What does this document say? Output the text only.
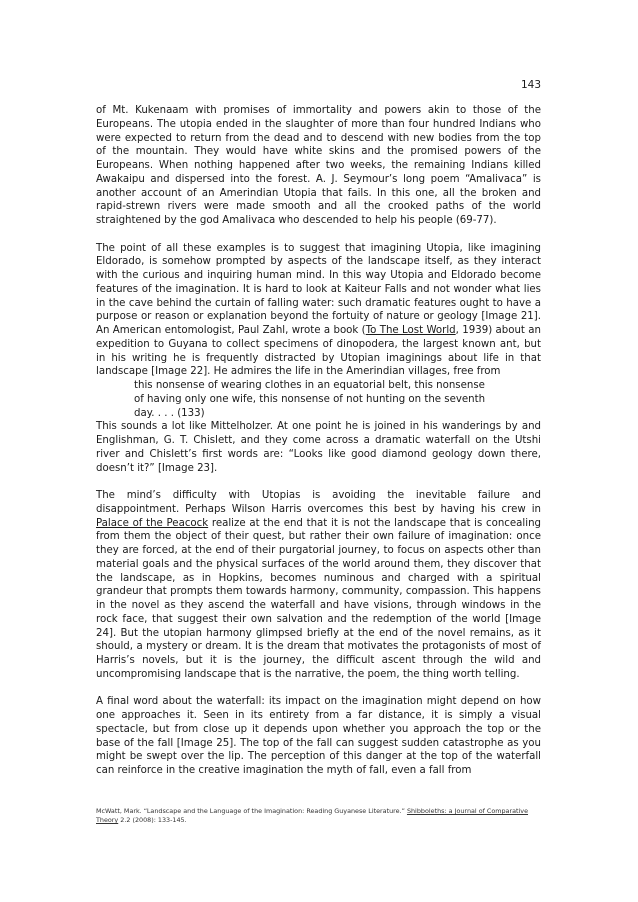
143

of Mt. Kukenaam with promises of immortality and powers akin to those of the Europeans. The utopia ended in the slaughter of more than four hundred Indians who were expected to return from the dead and to descend with new bodies from the top of the mountain. They would have white skins and the promised powers of the Europeans. When nothing happened after two weeks, the remaining Indians killed Awakaipu and dispersed into the forest. A. J. Seymour’s long poem “Amalivaca” is another account of an Amerindian Utopia that fails. In this one, all the broken and rapid-strewn rivers were made smooth and all the crooked paths of the world straightened by the god Amalivaca who descended to help his people (69-77).

The point of all these examples is to suggest that imagining Utopia, like imagining Eldorado, is somehow prompted by aspects of the landscape itself, as they interact with the curious and inquiring human mind. In this way Utopia and Eldorado become features of the imagination. It is hard to look at Kaiteur Falls and not wonder what lies in the cave behind the curtain of falling water: such dramatic features ought to have a purpose or reason or explanation beyond the fortuity of nature or geology [Image 21]. An American entomologist, Paul Zahl, wrote a book (To The Lost World, 1939) about an expedition to Guyana to collect specimens of dinopodera, the largest known ant, but in his writing he is frequently distracted by Utopian imaginings about life in that landscape [Image 22]. He admires the life in the Amerindian villages, free from

this nonsense of wearing clothes in an equatorial belt, this nonsense
of having only one wife, this nonsense of not hunting on the seventh
day. . . . (133)

This sounds a lot like Mittelholzer. At one point he is joined in his wanderings by and Englishman, G. T. Chislett, and they come across a dramatic waterfall on the Utshi river and Chislett’s first words are: “Looks like good diamond geology down there, doesn’t it?” [Image 23].

The mind’s difficulty with Utopias is avoiding the inevitable failure and disappointment. Perhaps Wilson Harris overcomes this best by having his crew in Palace of the Peacock realize at the end that it is not the landscape that is concealing from them the object of their quest, but rather their own failure of imagination: once they are forced, at the end of their purgatorial journey, to focus on aspects other than material goals and the physical surfaces of the world around them, they discover that the landscape, as in Hopkins, becomes numinous and charged with a spiritual grandeur that prompts them towards harmony, community, compassion. This happens in the novel as they ascend the waterfall and have visions, through windows in the rock face, that suggest their own salvation and the redemption of the world [Image 24]. But the utopian harmony glimpsed briefly at the end of the novel remains, as it should, a mystery or dream. It is the dream that motivates the protagonists of most of Harris’s novels, but it is the journey, the difficult ascent through the wild and uncompromising landscape that is the narrative, the poem, the thing worth telling.

A final word about the waterfall: its impact on the imagination might depend on how one approaches it. Seen in its entirety from a far distance, it is simply a visual spectacle, but from close up it depends upon whether you approach the top or the base of the fall [Image 25]. The top of the fall can suggest sudden catastrophe as you might be swept over the lip. The perception of this danger at the top of the waterfall can reinforce in the creative imagination the myth of fall, even a fall from

McWatt, Mark. “Landscape and the Language of the Imagination: Reading Guyanese Literature.” Shibboleths: a Journal of Comparative Theory 2.2 (2008): 133-145.
